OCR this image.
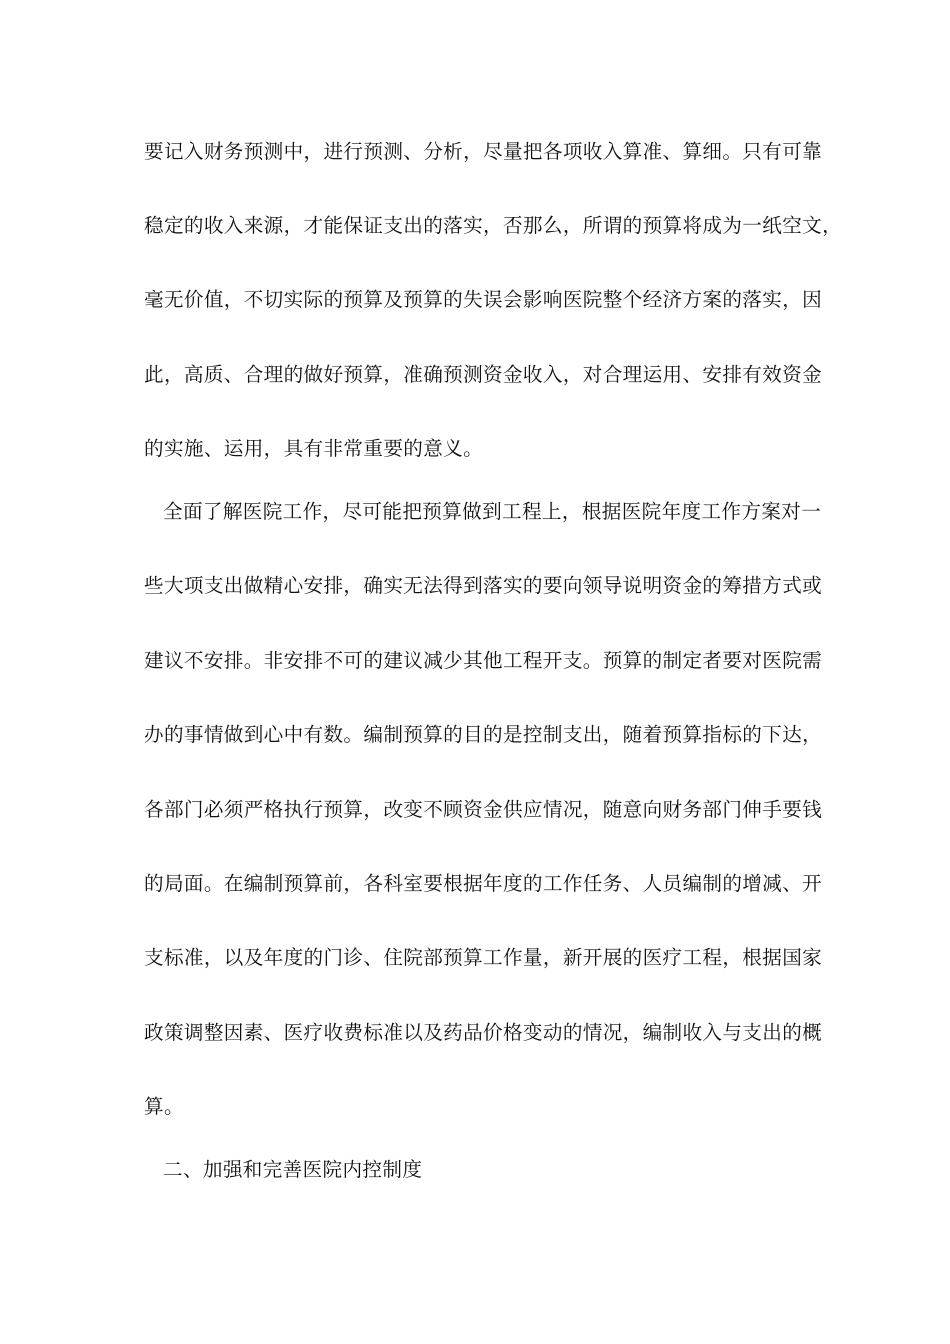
要记入财务预测中，进行预测、分析，尽量把各项收入算准、算细。只有可靠
稳定的收入来源，才能保证支出的落实，否那么，所谓的预算将成为一纸空文，
毫无价值，不切实际的预算及预算的失误会影响医院整个经济方案的落实，因
此，高质、合理的做好预算，准确预测资金收入，对合理运用、安排有效资金
的实施、运用，具有非常重要的意义。
全面了解医院工作，尽可能把预算做到工程上，根据医院年度工作方案对一
些大项支出做精心安排，确实无法得到落实的要向领导说明资金的筹措方式或
建议不安排。非安排不可的建议减少其他工程开支。预算的制定者要对医院需
办的事情做到心中有数。编制预算的目的是控制支出，随着预算指标的下达，
各部门必须严格执行预算，改变不顾资金供应情况，随意向财务部门伸手要钱
的局面。在编制预算前，各科室要根据年度的工作任务、人员编制的增减、开
支标准，以及年度的门诊、住院部预算工作量，新开展的医疗工程，根据国家
政策调整因素、医疗收费标准以及药品价格变动的情况，编制收入与支出的概
算。
二、加强和完善医院内控制度
